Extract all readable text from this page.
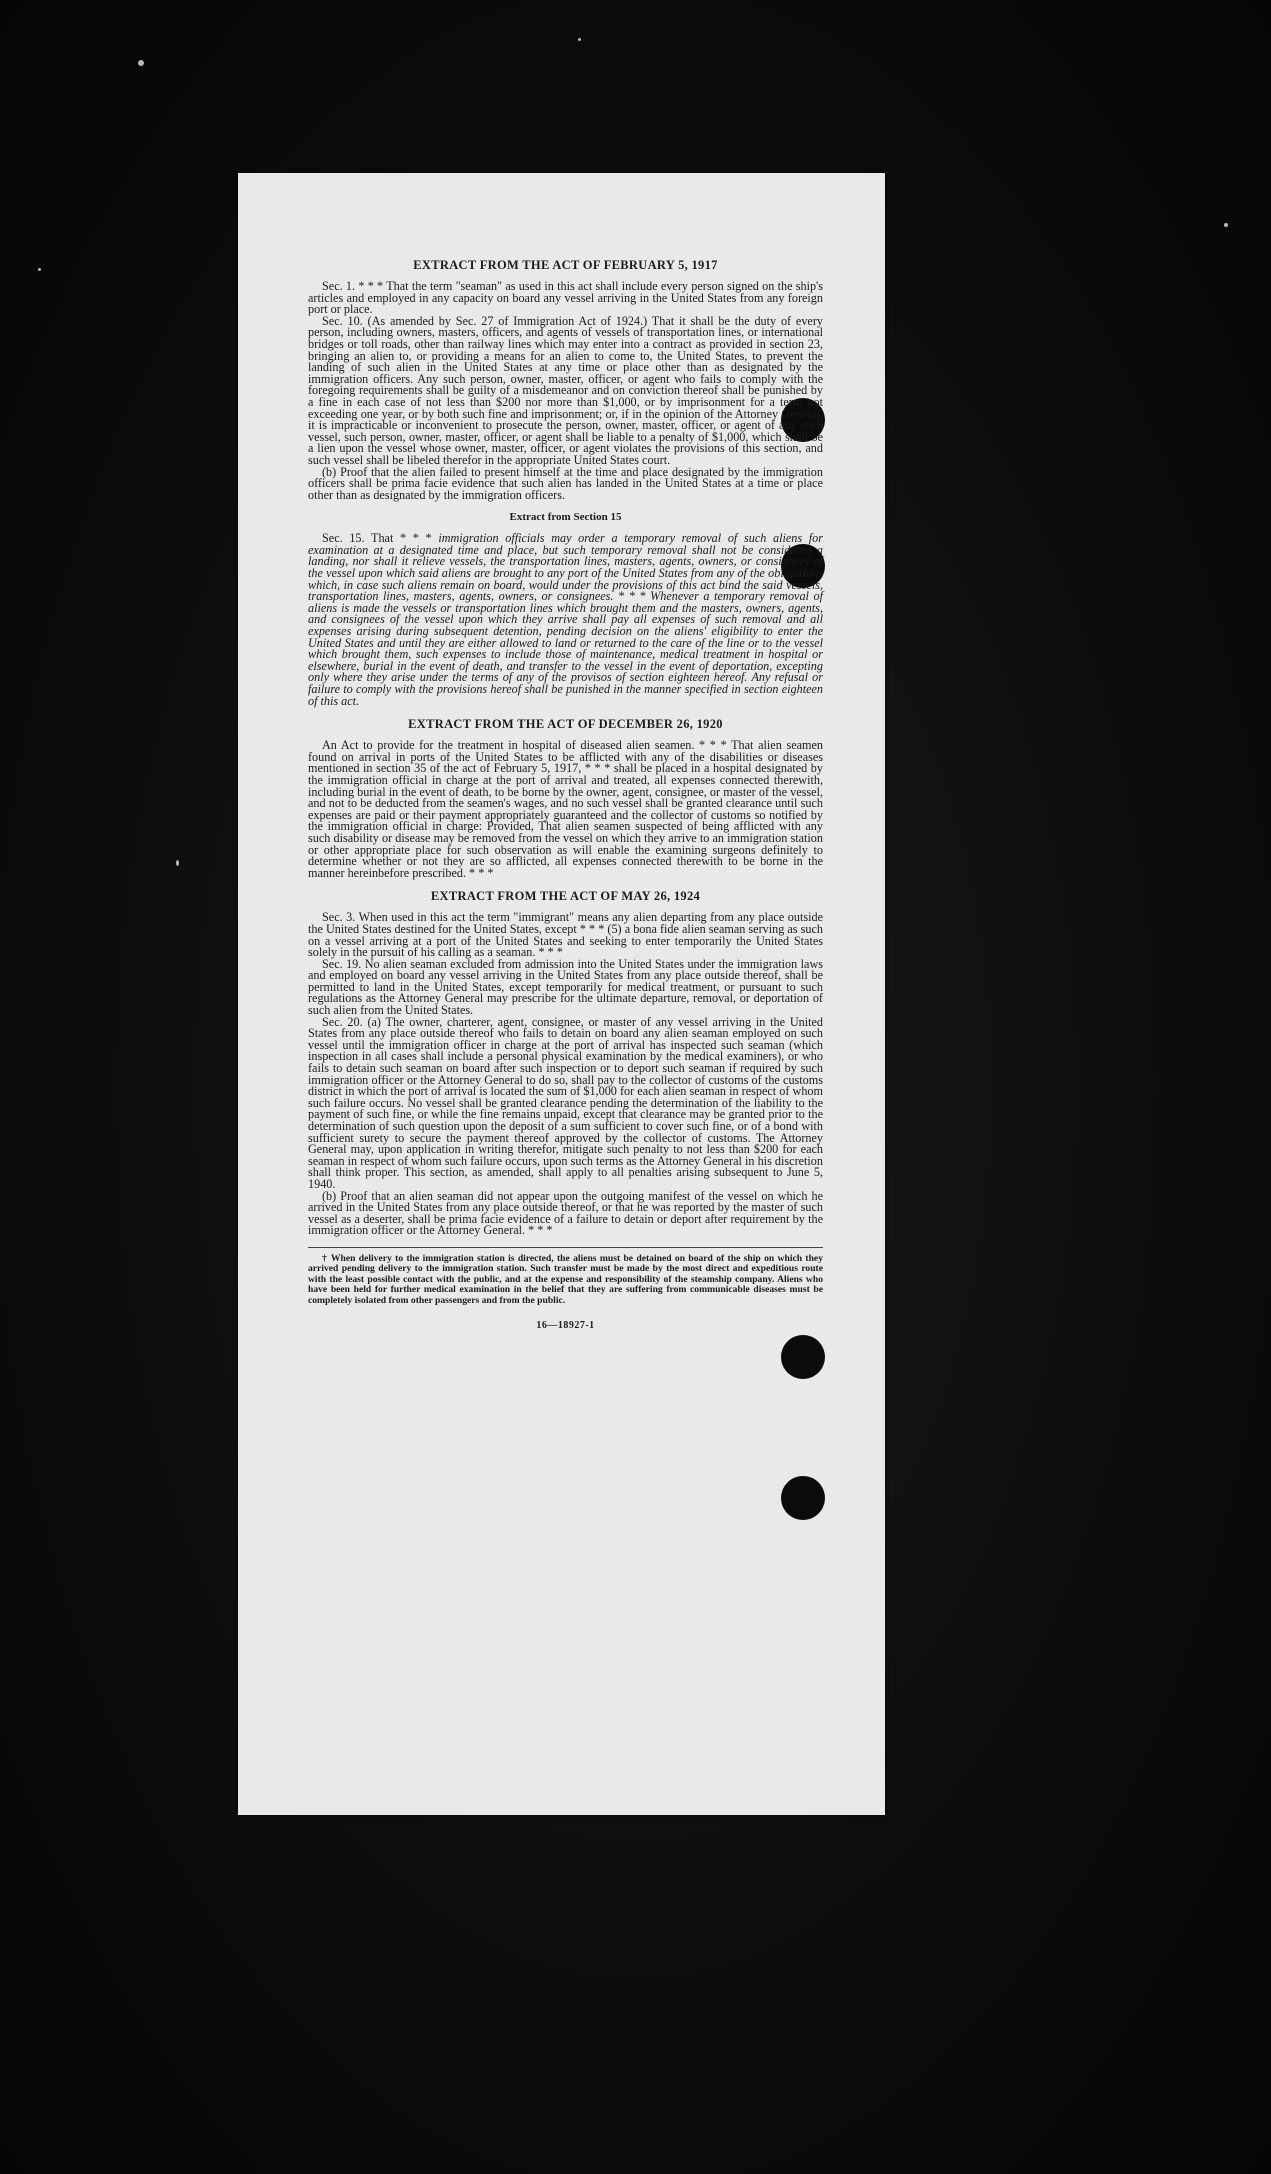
EXTRACT FROM THE ACT OF FEBRUARY 5, 1917

Sec. 1. * * * That the term "seaman" as used in this act shall include every person signed on the ship's articles and employed in any capacity on board any vessel arriving in the United States from any foreign port or place.

Sec. 10. (As amended by Sec. 27 of Immigration Act of 1924.) That it shall be the duty of every person, including owners, masters, officers, and agents of vessels of transportation lines, or international bridges or toll roads, other than railway lines which may enter into a contract as provided in section 23, bringing an alien to, or providing a means for an alien to come to, the United States, to prevent the landing of such alien in the United States at any time or place other than as designated by the immigration officers. Any such person, owner, master, officer, or agent who fails to comply with the foregoing requirements shall be guilty of a misdemeanor and on conviction thereof shall be punished by a fine in each case of not less than $200 nor more than $1,000, or by imprisonment for a term not exceeding one year, or by both such fine and imprisonment; or, if in the opinion of the Attorney General, it is impracticable or inconvenient to prosecute the person, owner, master, officer, or agent of any such vessel, such person, owner, master, officer, or agent shall be liable to a penalty of $1,000, which shall be a lien upon the vessel whose owner, master, officer, or agent violates the provisions of this section, and such vessel shall be libeled therefor in the appropriate United States court.

(b) Proof that the alien failed to present himself at the time and place designated by the immigration officers shall be prima facie evidence that such alien has landed in the United States at a time or place other than as designated by the immigration officers.

Extract from Section 15

Sec. 15. That * * * immigration officials may order a temporary removal of such aliens for examination at a designated time and place, but such temporary removal shall not be considered a landing, nor shall it relieve vessels, the transportation lines, masters, agents, owners, or consignees of the vessel upon which said aliens are brought to any port of the United States from any of the obligations which, in case such aliens remain on board, would under the provisions of this act bind the said vessels, transportation lines, masters, agents, owners, or consignees. * * * Whenever a temporary removal of aliens is made the vessels or transportation lines which brought them and the masters, owners, agents, and consignees of the vessel upon which they arrive shall pay all expenses of such removal and all expenses arising during subsequent detention, pending decision on the aliens' eligibility to enter the United States and until they are either allowed to land or returned to the care of the line or to the vessel which brought them, such expenses to include those of maintenance, medical treatment in hospital or elsewhere, burial in the event of death, and transfer to the vessel in the event of deportation, excepting only where they arise under the terms of any of the provisos of section eighteen hereof. Any refusal or failure to comply with the provisions hereof shall be punished in the manner specified in section eighteen of this act.

EXTRACT FROM THE ACT OF DECEMBER 26, 1920

An Act to provide for the treatment in hospital of diseased alien seamen. * * * That alien seamen found on arrival in ports of the United States to be afflicted with any of the disabilities or diseases mentioned in section 35 of the act of February 5, 1917, * * * shall be placed in a hospital designated by the immigration official in charge at the port of arrival and treated, all expenses connected therewith, including burial in the event of death, to be borne by the owner, agent, consignee, or master of the vessel, and not to be deducted from the seamen's wages, and no such vessel shall be granted clearance until such expenses are paid or their payment appropriately guaranteed and the collector of customs so notified by the immigration official in charge: Provided, That alien seamen suspected of being afflicted with any such disability or disease may be removed from the vessel on which they arrive to an immigration station or other appropriate place for such observation as will enable the examining surgeons definitely to determine whether or not they are so afflicted, all expenses connected therewith to be borne in the manner hereinbefore prescribed. * * *

EXTRACT FROM THE ACT OF MAY 26, 1924

Sec. 3. When used in this act the term "immigrant" means any alien departing from any place outside the United States destined for the United States, except * * * (5) a bona fide alien seaman serving as such on a vessel arriving at a port of the United States and seeking to enter temporarily the United States solely in the pursuit of his calling as a seaman. * * *

Sec. 19. No alien seaman excluded from admission into the United States under the immigration laws and employed on board any vessel arriving in the United States from any place outside thereof, shall be permitted to land in the United States, except temporarily for medical treatment, or pursuant to such regulations as the Attorney General may prescribe for the ultimate departure, removal, or deportation of such alien from the United States.

Sec. 20. (a) The owner, charterer, agent, consignee, or master of any vessel arriving in the United States from any place outside thereof who fails to detain on board any alien seaman employed on such vessel until the immigration officer in charge at the port of arrival has inspected such seaman (which inspection in all cases shall include a personal physical examination by the medical examiners), or who fails to detain such seaman on board after such inspection or to deport such seaman if required by such immigration officer or the Attorney General to do so, shall pay to the collector of customs of the customs district in which the port of arrival is located the sum of $1,000 for each alien seaman in respect of whom such failure occurs. No vessel shall be granted clearance pending the determination of the liability to the payment of such fine, or while the fine remains unpaid, except that clearance may be granted prior to the determination of such question upon the deposit of a sum sufficient to cover such fine, or of a bond with sufficient surety to secure the payment thereof approved by the collector of customs. The Attorney General may, upon application in writing therefor, mitigate such penalty to not less than $200 for each seaman in respect of whom such failure occurs, upon such terms as the Attorney General in his discretion shall think proper. This section, as amended, shall apply to all penalties arising subsequent to June 5, 1940.

(b) Proof that an alien seaman did not appear upon the outgoing manifest of the vessel on which he arrived in the United States from any place outside thereof, or that he was reported by the master of such vessel as a deserter, shall be prima facie evidence of a failure to detain or deport after requirement by the immigration officer or the Attorney General. * * *

† When delivery to the immigration station is directed, the aliens must be detained on board of the ship on which they arrived pending delivery to the immigration station. Such transfer must be made by the most direct and expeditious route with the least possible contact with the public, and at the expense and responsibility of the steamship company. Aliens who have been held for further medical examination in the belief that they are suffering from communicable diseases must be completely isolated from other passengers and from the public.

16—18927-1
